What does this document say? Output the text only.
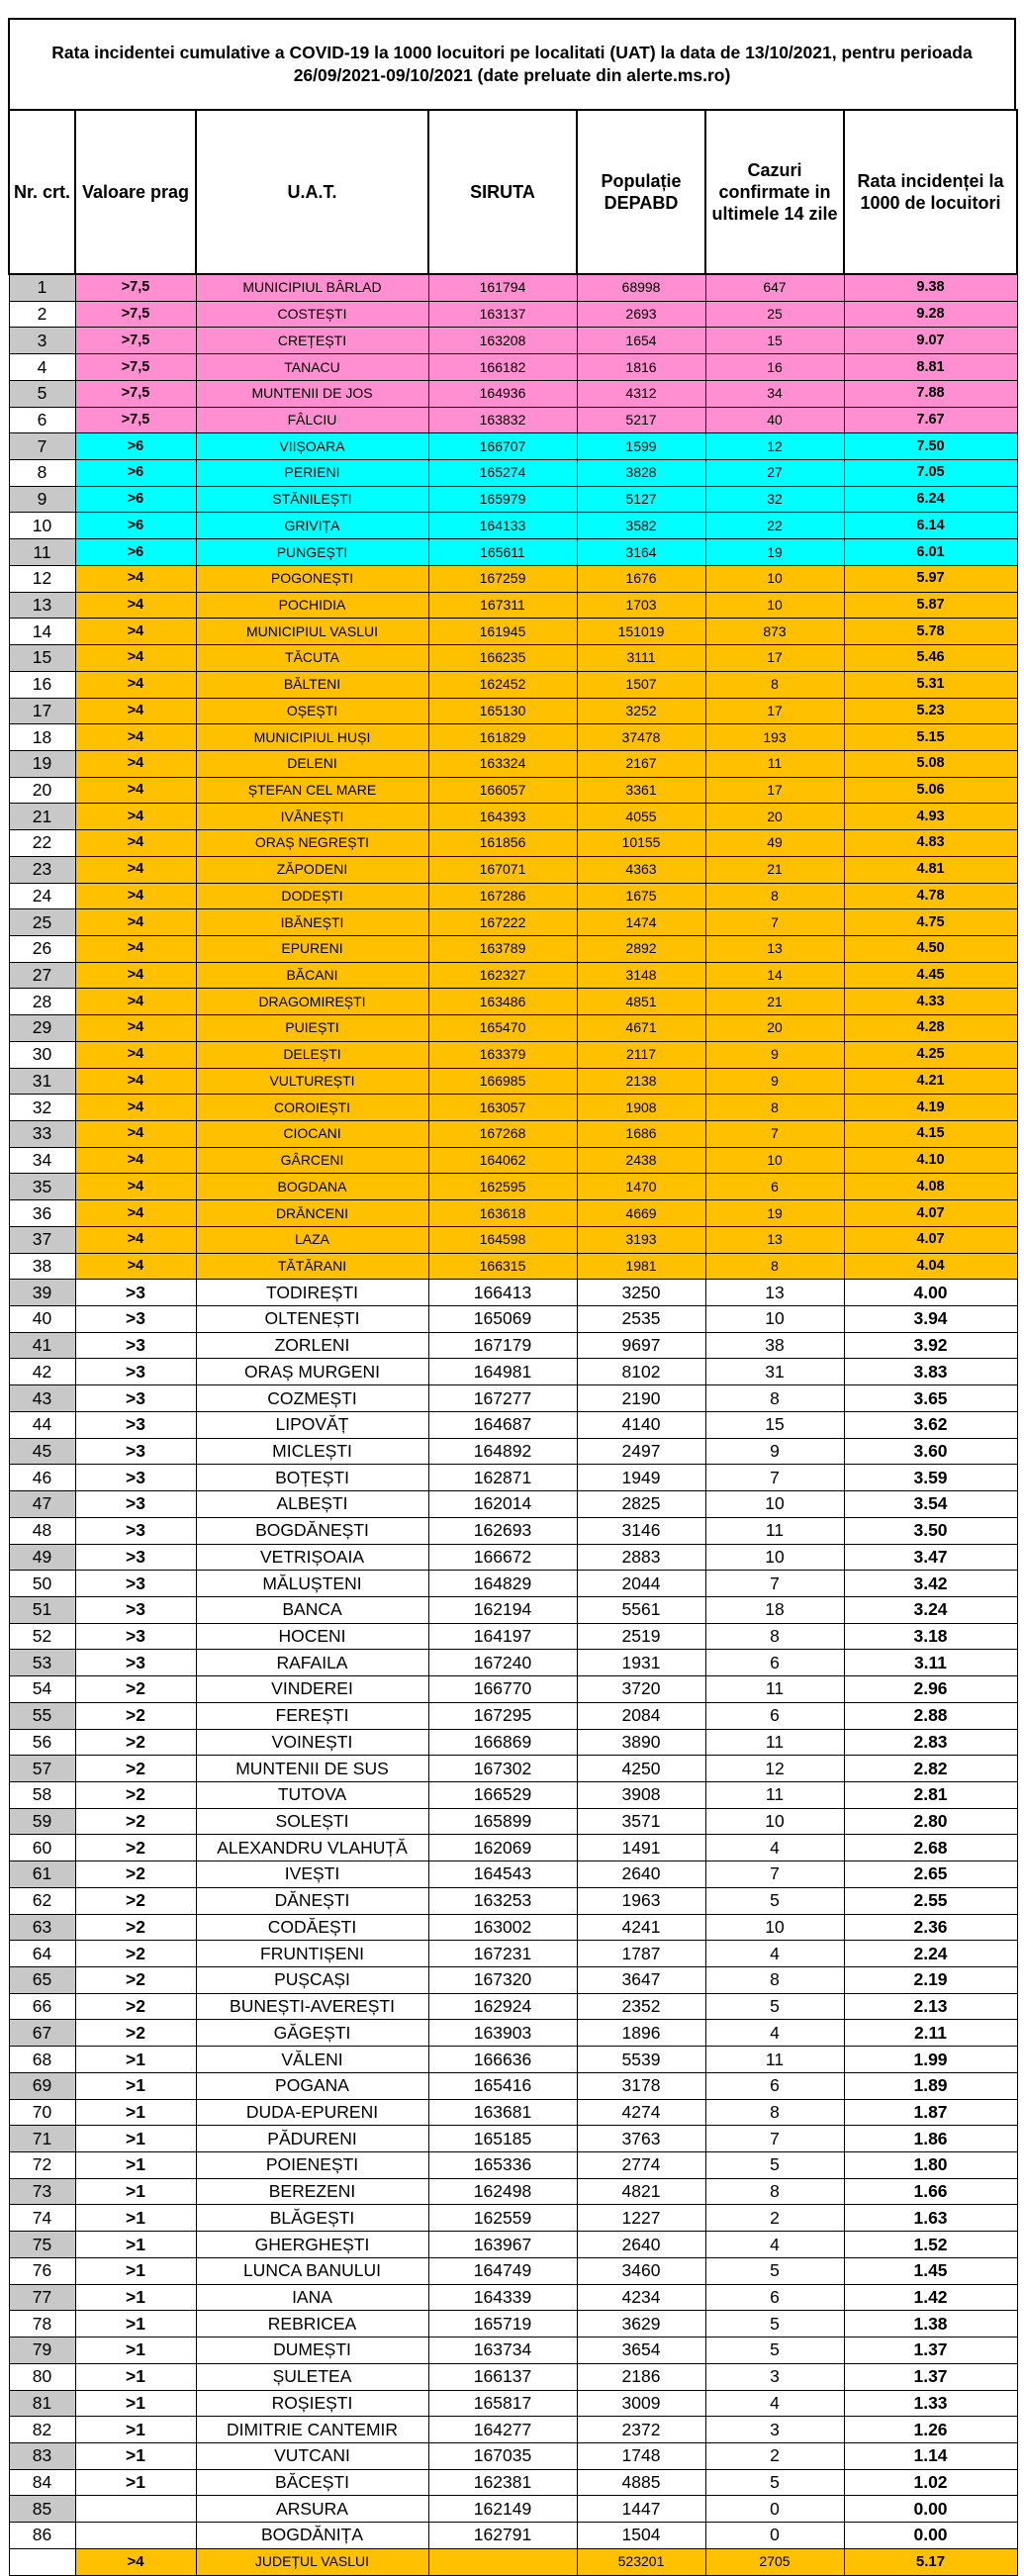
Rata incidentei cumulative a COVID-19 la 1000 locuitori pe localitati (UAT) la data de 13/10/2021, pentru perioada 26/09/2021-09/10/2021 (date preluate din alerte.ms.ro)
Nr. crt.	Valoare prag	U.A.T.	SIRUTA	Populație DEPABD	Cazuri confirmate in ultimele 14 zile	Rata incidenței la 1000 de locuitori
1	>7,5	MUNICIPIUL BÂRLAD	161794	68998	647	9.38
2	>7,5	COSTEȘTI	163137	2693	25	9.28
3	>7,5	CREȚEȘTI	163208	1654	15	9.07
4	>7,5	TANACU	166182	1816	16	8.81
5	>7,5	MUNTENII DE JOS	164936	4312	34	7.88
6	>7,5	FÂLCIU	163832	5217	40	7.67
7	>6	VIIȘOARA	166707	1599	12	7.50
8	>6	PERIENI	165274	3828	27	7.05
9	>6	STĂNILEȘTI	165979	5127	32	6.24
10	>6	GRIVIȚA	164133	3582	22	6.14
11	>6	PUNGEȘTI	165611	3164	19	6.01
12	>4	POGONEȘTI	167259	1676	10	5.97
13	>4	POCHIDIA	167311	1703	10	5.87
14	>4	MUNICIPIUL VASLUI	161945	151019	873	5.78
15	>4	TĂCUTA	166235	3111	17	5.46
16	>4	BĂLTENI	162452	1507	8	5.31
17	>4	OȘEȘTI	165130	3252	17	5.23
18	>4	MUNICIPIUL HUȘI	161829	37478	193	5.15
19	>4	DELENI	163324	2167	11	5.08
20	>4	ȘTEFAN CEL MARE	166057	3361	17	5.06
21	>4	IVĂNEȘTI	164393	4055	20	4.93
22	>4	ORAȘ NEGREȘTI	161856	10155	49	4.83
23	>4	ZĂPODENI	167071	4363	21	4.81
24	>4	DODEȘTI	167286	1675	8	4.78
25	>4	IBĂNEȘTI	167222	1474	7	4.75
26	>4	EPURENI	163789	2892	13	4.50
27	>4	BĂCANI	162327	3148	14	4.45
28	>4	DRAGOMIREȘTI	163486	4851	21	4.33
29	>4	PUIEȘTI	165470	4671	20	4.28
30	>4	DELEȘTI	163379	2117	9	4.25
31	>4	VULTUREȘTI	166985	2138	9	4.21
32	>4	COROIEȘTI	163057	1908	8	4.19
33	>4	CIOCANI	167268	1686	7	4.15
34	>4	GÂRCENI	164062	2438	10	4.10
35	>4	BOGDANA	162595	1470	6	4.08
36	>4	DRĂNCENI	163618	4669	19	4.07
37	>4	LAZA	164598	3193	13	4.07
38	>4	TĂTĂRANI	166315	1981	8	4.04
39	>3	TODIREȘTI	166413	3250	13	4.00
40	>3	OLTENEȘTI	165069	2535	10	3.94
41	>3	ZORLENI	167179	9697	38	3.92
42	>3	ORAȘ MURGENI	164981	8102	31	3.83
43	>3	COZMEȘTI	167277	2190	8	3.65
44	>3	LIPOVĂȚ	164687	4140	15	3.62
45	>3	MICLEȘTI	164892	2497	9	3.60
46	>3	BOȚEȘTI	162871	1949	7	3.59
47	>3	ALBEȘTI	162014	2825	10	3.54
48	>3	BOGDĂNEȘTI	162693	3146	11	3.50
49	>3	VETRIȘOAIA	166672	2883	10	3.47
50	>3	MĂLUȘTENI	164829	2044	7	3.42
51	>3	BANCA	162194	5561	18	3.24
52	>3	HOCENI	164197	2519	8	3.18
53	>3	RAFAILA	167240	1931	6	3.11
54	>2	VINDEREI	166770	3720	11	2.96
55	>2	FEREȘTI	167295	2084	6	2.88
56	>2	VOINEȘTI	166869	3890	11	2.83
57	>2	MUNTENII DE SUS	167302	4250	12	2.82
58	>2	TUTOVA	166529	3908	11	2.81
59	>2	SOLEȘTI	165899	3571	10	2.80
60	>2	ALEXANDRU VLAHUȚĂ	162069	1491	4	2.68
61	>2	IVEȘTI	164543	2640	7	2.65
62	>2	DĂNEȘTI	163253	1963	5	2.55
63	>2	CODĂEȘTI	163002	4241	10	2.36
64	>2	FRUNTIȘENI	167231	1787	4	2.24
65	>2	PUȘCAȘI	167320	3647	8	2.19
66	>2	BUNEȘTI-AVEREȘTI	162924	2352	5	2.13
67	>2	GĂGEȘTI	163903	1896	4	2.11
68	>1	VĂLENI	166636	5539	11	1.99
69	>1	POGANA	165416	3178	6	1.89
70	>1	DUDA-EPURENI	163681	4274	8	1.87
71	>1	PĂDURENI	165185	3763	7	1.86
72	>1	POIENEȘTI	165336	2774	5	1.80
73	>1	BEREZENI	162498	4821	8	1.66
74	>1	BLĂGEȘTI	162559	1227	2	1.63
75	>1	GHERGHEȘTI	163967	2640	4	1.52
76	>1	LUNCA BANULUI	164749	3460	5	1.45
77	>1	IANA	164339	4234	6	1.42
78	>1	REBRICEA	165719	3629	5	1.38
79	>1	DUMEȘTI	163734	3654	5	1.37
80	>1	ȘULETEA	166137	2186	3	1.37
81	>1	ROȘIEȘTI	165817	3009	4	1.33
82	>1	DIMITRIE CANTEMIR	164277	2372	3	1.26
83	>1	VUTCANI	167035	1748	2	1.14
84	>1	BĂCEȘTI	162381	4885	5	1.02
85		ARSURA	162149	1447	0	0.00
86		BOGDĂNIȚA	162791	1504	0	0.00
	>4	JUDEȚUL VASLUI		523201	2705	5.17
